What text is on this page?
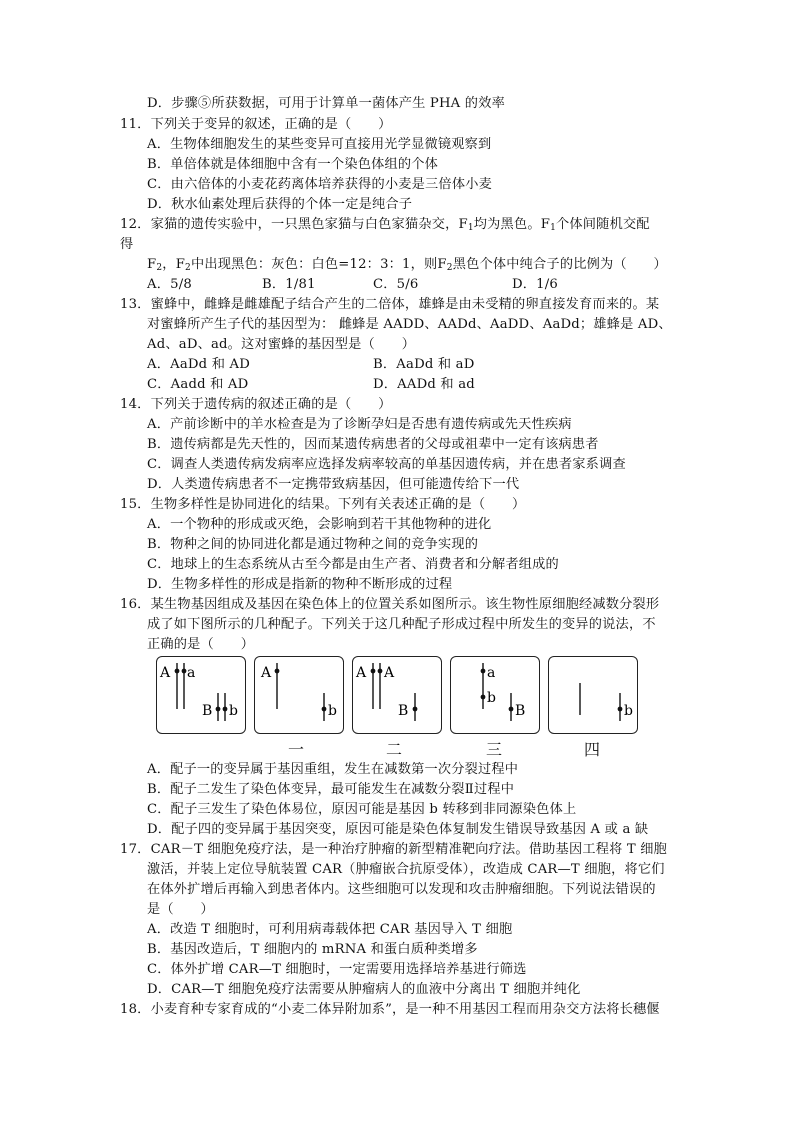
D．步骤⑤所获数据，可用于计算单一菌体产生 PHA 的效率
11．下列关于变异的叙述，正确的是（　　）
A．生物体细胞发生的某些变异可直接用光学显微镜观察到
B．单倍体就是体细胞中含有一个染色体组的个体
C．由六倍体的小麦花药离体培养获得的小麦是三倍体小麦
D．秋水仙素处理后获得的个体一定是纯合子
12．家猫的遗传实验中，一只黑色家猫与白色家猫杂交，$F_1$均为黑色。$F_1$个体间随机交配
得
$F_2$，$F_2$中出现黑色：灰色：白色=12：3：1，则$F_2$黑色个体中纯合子的比例为（　　）
A．5/8	B．1/81	C．5/6	D．1/6
13．蜜蜂中，雌蜂是雌雄配子结合产生的二倍体，雄蜂是由未受精的卵直接发育而来的。某
对蜜蜂所产生子代的基因型为： 雌蜂是 AADD、AADd、AaDD、AaDd；雄蜂是 AD、
Ad、aD、ad。这对蜜蜂的基因型是（　　）
A．AaDd 和 AD	B．AaDd 和 aD
C．Aadd 和 AD	D．AADd 和 ad
14．下列关于遗传病的叙述正确的是（　　）
A．产前诊断中的羊水检查是为了诊断孕妇是否患有遗传病或先天性疾病
B．遗传病都是先天性的，因而某遗传病患者的父母或祖辈中一定有该病患者
C．调查人类遗传病发病率应选择发病率较高的单基因遗传病，并在患者家系调查
D．人类遗传病患者不一定携带致病基因，但可能遗传给下一代
15．生物多样性是协同进化的结果。下列有关表述正确的是（　　）
A．一个物种的形成或灭绝，会影响到若干其他物种的进化
B．物种之间的协同进化都是通过物种之间的竞争实现的
C．地球上的生态系统从古至今都是由生产者、消费者和分解者组成的
D．生物多样性的形成是指新的物种不断形成的过程
16．某生物基因组成及基因在染色体上的位置关系如图所示。该生物性原细胞经减数分裂形
成了如下图所示的几种配子。下列关于这几种配子形成过程中所发生的变异的说法，不
正确的是（　　）
A a
B b
A
b
A A
B
a
b
B	b
一	二	三	四
A．配子一的变异属于基因重组，发生在减数第一次分裂过程中
B．配子二发生了染色体变异，最可能发生在减数分裂Ⅱ过程中
C．配子三发生了染色体易位，原因可能是基因 b 转移到非同源染色体上
D．配子四的变异属于基因突变，原因可能是染色体复制发生错误导致基因 A 或 a 缺
17．CAR－T 细胞免疫疗法，是一种治疗肿瘤的新型精准靶向疗法。借助基因工程将 T 细胞
激活，并装上定位导航装置 CAR（肿瘤嵌合抗原受体），改造成 CAR—T 细胞，将它们
在体外扩增后再输入到患者体内。这些细胞可以发现和攻击肿瘤细胞。下列说法错误的
是（　　）
A．改造 T 细胞时，可利用病毒载体把 CAR 基因导入 T 细胞
B．基因改造后，T 细胞内的 mRNA 和蛋白质种类增多
C．体外扩增 CAR—T 细胞时，一定需要用选择培养基进行筛选
D．CAR—T 细胞免疫疗法需要从肿瘤病人的血液中分离出 T 细胞并纯化
18．小麦育种专家育成的“小麦二体异附加系”，是一种不用基因工程而用杂交方法将长穗偃
